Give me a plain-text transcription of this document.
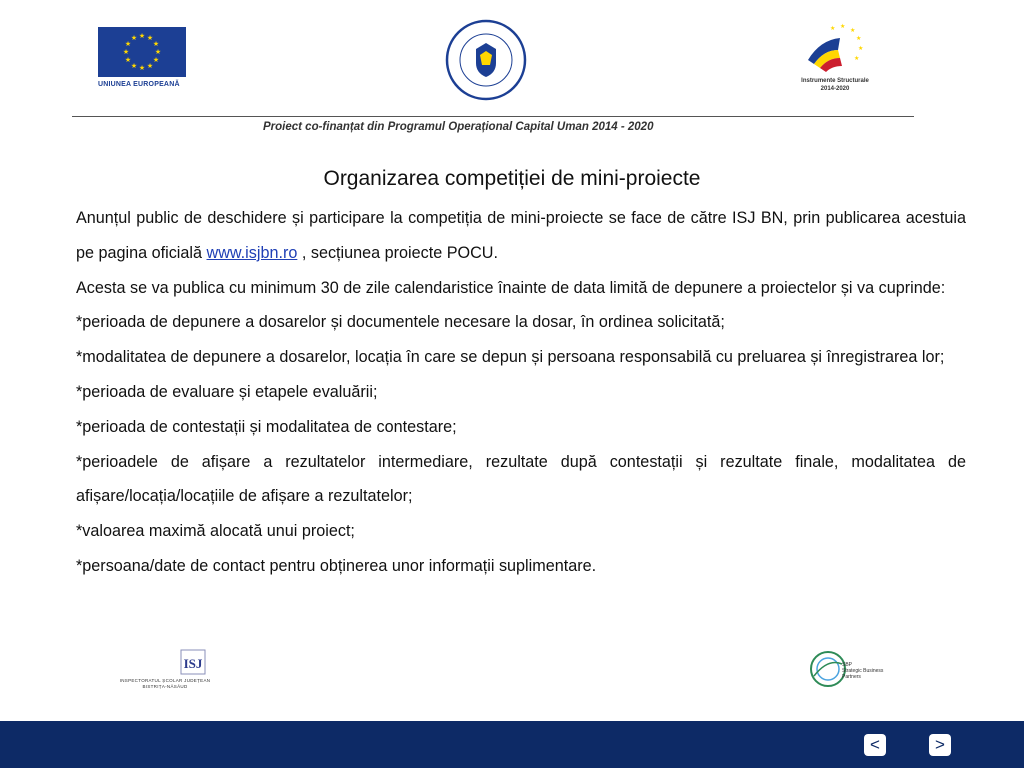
★ ★
★
★
★
★
★
★
★
★
★
★
UNIUNEA EUROPEANĂ
★ ★
★
★
★
★
Instrumente Structurale
2014-2020
Proiect co-finanțat din Programul Operațional Capital Uman 2014 - 2020
Organizarea competiției de mini-proiecte

Anunțul public de deschidere și participare la competiția de mini-proiecte se face de către ISJ BN, prin publicarea acestuia pe pagina oficială www.isjbn.ro , secțiunea proiecte POCU.

Acesta se va publica cu minimum 30 de zile calendaristice înainte de data limită de depunere a proiectelor și va cuprinde:

*perioada de depunere a dosarelor și documentele necesare la dosar, în ordinea solicitată;

*modalitatea de depunere a dosarelor, locația în care se depun și persoana responsabilă cu preluarea și înregistrarea lor;

*perioada de evaluare și etapele evaluării;

*perioada de contestații și modalitatea de contestare;

*perioadele de afișare a rezultatelor intermediare, rezultate după contestații și rezultate finale, modalitatea de afișare/locația/locațiile de afișare a rezultatelor;

*valoarea maximă alocată unui proiect;

*persoana/date de contact pentru obținerea unor informații suplimentare.

ISJ
INSPECTORATUL ȘCOLAR JUDEȚEAN BISTRIȚA-NĂSĂUD
SBP
Strategic Business Partners
<	>
